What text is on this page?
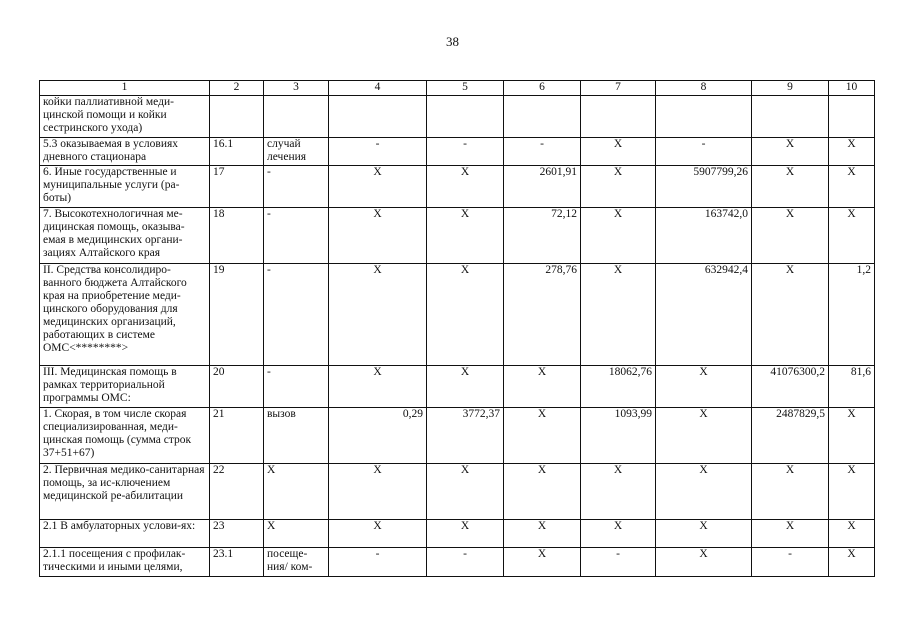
38
1	2	3	4	5	6	7	8	9	10
койки паллиативной меди-цинской помощи и койки сестринского ухода)									
5.3 оказываемая в условиях дневного стационара	16.1	случай лечения	-	-	-	X	-	X	X
6. Иные государственные и муниципальные услуги (ра-боты)	17	-	X	X	2601,91	X	5907799,26	X	X
7. Высокотехнологичная ме-дицинская помощь, оказыва-емая в медицинских органи-зациях Алтайского края	18	-	X	X	72,12	X	163742,0	X	X
II. Средства консолидиро-ванного бюджета Алтайского края на приобретение меди-цинского оборудования для медицинских организаций, работающих в системе ОМС<********>	19	-	X	X	278,76	X	632942,4	X	1,2
III. Медицинская помощь в рамках территориальной программы ОМС:	20	-	X	X	X	18062,76	X	41076300,2	81,6
1. Скорая, в том числе скорая специализированная, меди-цинская помощь (сумма строк 37+51+67)	21	вызов	0,29	3772,37	X	1093,99	X	2487829,5	X
2. Первичная медико-санитарная помощь, за ис-ключением медицинской ре-абилитации	22	X	X	X	X	X	X	X	X
2.1 В амбулаторных услови-ях:	23	X	X	X	X	X	X	X	X
2.1.1 посещения с профилак-тическими и иными целями,	23.1	посеще-ния/ ком-	-	-	X	-	X	-	X
